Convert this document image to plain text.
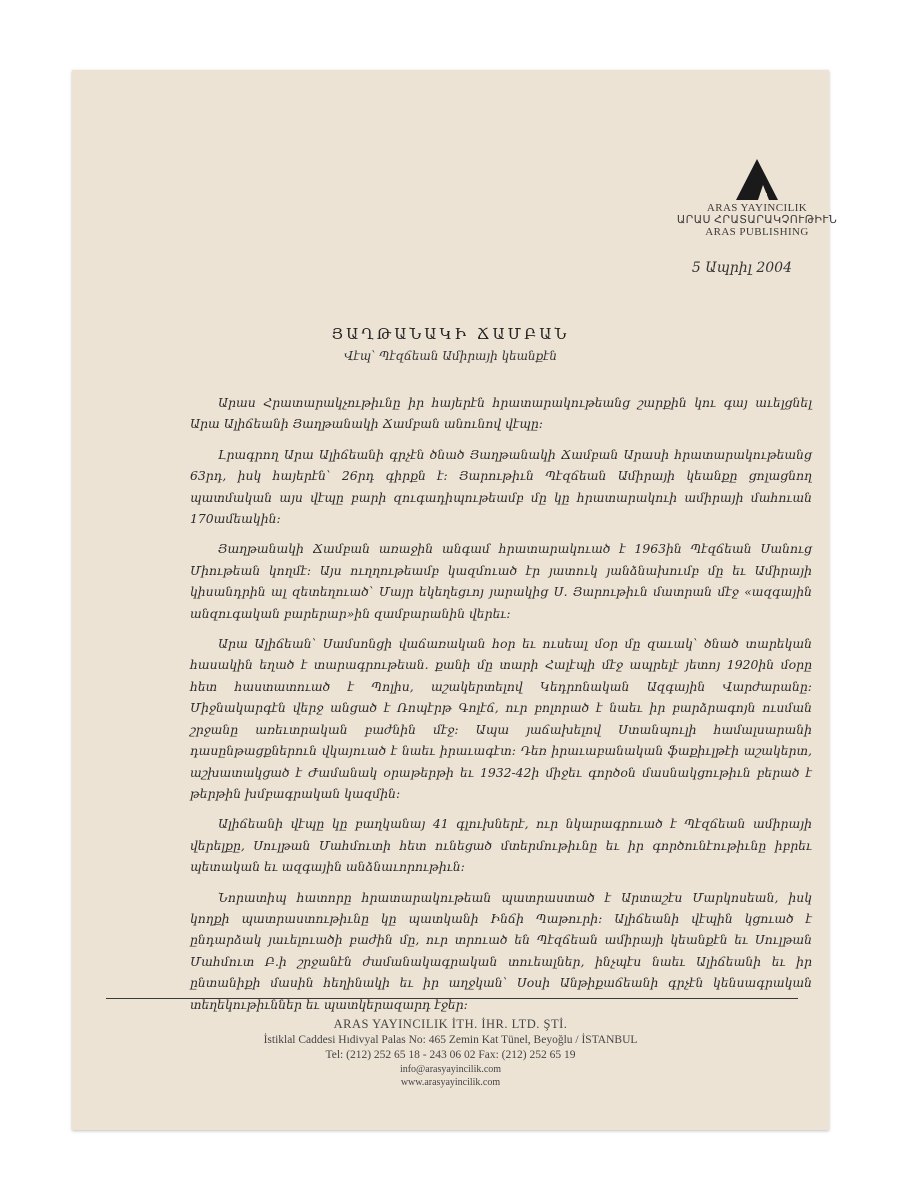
ARAS YAYINCILIK
ԱՐԱՍ ՀՐԱՏԱՐԱԿՉՈՒԹԻՒՆ
ARAS PUBLISHING
5 Ապրիլ 2004
ՅԱՂԹԱՆԱԿԻ ՃԱՄԲԱՆ
Վէպ՝ Պէզճեան Ամիրայի կեանքէն

Արաս Հրատարակչութիւնը իր հայերէն հրատարակութեանց շարքին կու գայ աւելցնել Արա Ալիճեանի Յաղթանակի Ճամբան անունով վէպը։

Լրագրող Արա Ալիճեանի գրչէն ծնած Յաղթանակի Ճամբան Արասի հրատարակութեանց 63րդ, իսկ հայերէն՝ 26րդ գիրքն է։ Յարութիւն Պէզճեան Ամիրայի կեանքը ցոլացնող պատմական այս վէպը բարի զուգադիպութեամբ մը կը հրատարակուի ամիրայի մահուան 170ամեակին։

Յաղթանակի Ճամբան առաջին անգամ հրատարակուած է 1963ին Պէզճեան Սանուց Միութեան կողմէ։ Այս ուղղութեամբ կազմուած էր յատուկ յանձնախումբ մը եւ Ամիրայի կիսանդրին ալ զետեղուած՝ Մայր եկեղեցւոյ յարակից Ս. Յարութիւն մատրան մէջ «ազգային անզուգական բարերար»ին զամբարանին վերեւ։

Արա Ալիճեան՝ Սամսոնցի վաճառական հօր եւ ուսեալ մօր մը զաւակ՝ ծնած տարեկան հասակին եղած է տարագրութեան. քանի մը տարի Հալէպի մէջ ապրելէ յետոյ 1920ին մօրը հետ հաստատուած է Պոլիս, աշակերտելով Կեդրոնական Ազգային Վարժարանը։ Միջնակարգէն վերջ անցած է Ռոպէրթ Գոլէճ, ուր բոլորած է նաեւ իր բարձրագոյն ուսման շրջանը առեւտրական բաժնին մէջ։ Ապա յաճախելով Ստանպուլի համալսարանի դասընթացքներուն վկայուած է նաեւ իրաւագէտ։ Դեռ իրաւաբանական ֆաքիւլթէի աշակերտ, աշխատակցած է Ժամանակ օրաթերթի եւ 1932-42ի միջեւ գործօն մասնակցութիւն բերած է թերթին խմբագրական կազմին։

Ալիճեանի վէպը կը բաղկանայ 41 գլուխներէ, ուր նկարագրուած է Պէզճեան ամիրայի վերելքը, Սուլթան Մահմուտի հետ ունեցած մտերմութիւնը եւ իր գործունէութիւնը իբրեւ պետական եւ ազգային անձնաւորութիւն։

Նորատիպ հատորը հրատարակութեան պատրաստած է Արտաշէս Մարկոսեան, իսկ կողքի պատրաստութիւնը կը պատկանի Ինճի Պաթուրի։ Ալիճեանի վէպին կցուած է ընդարձակ յաւելուածի բաժին մը, ուր տրուած են Պէզճեան ամիրայի կեանքէն եւ Սուլթան Մահմուտ Բ.ի շրջանէն ժամանակագրական տուեալներ, ինչպէս նաեւ Ալիճեանի եւ իր ընտանիքի մասին հեղինակի եւ իր աղջկան՝ Սօսի Անթիքաճեանի գրչէն կենսագրական տեղեկութիւններ եւ պատկերազարդ էջեր։

ARAS YAYINCILIK İTH. İHR. LTD. ŞTİ.
İstiklal Caddesi Hıdivyal Palas No: 465 Zemin Kat Tünel, Beyoğlu / İSTANBUL
Tel: (212) 252 65 18 - 243 06 02 Fax: (212) 252 65 19
info@arasyayincilik.com
www.arasyayincilik.com
